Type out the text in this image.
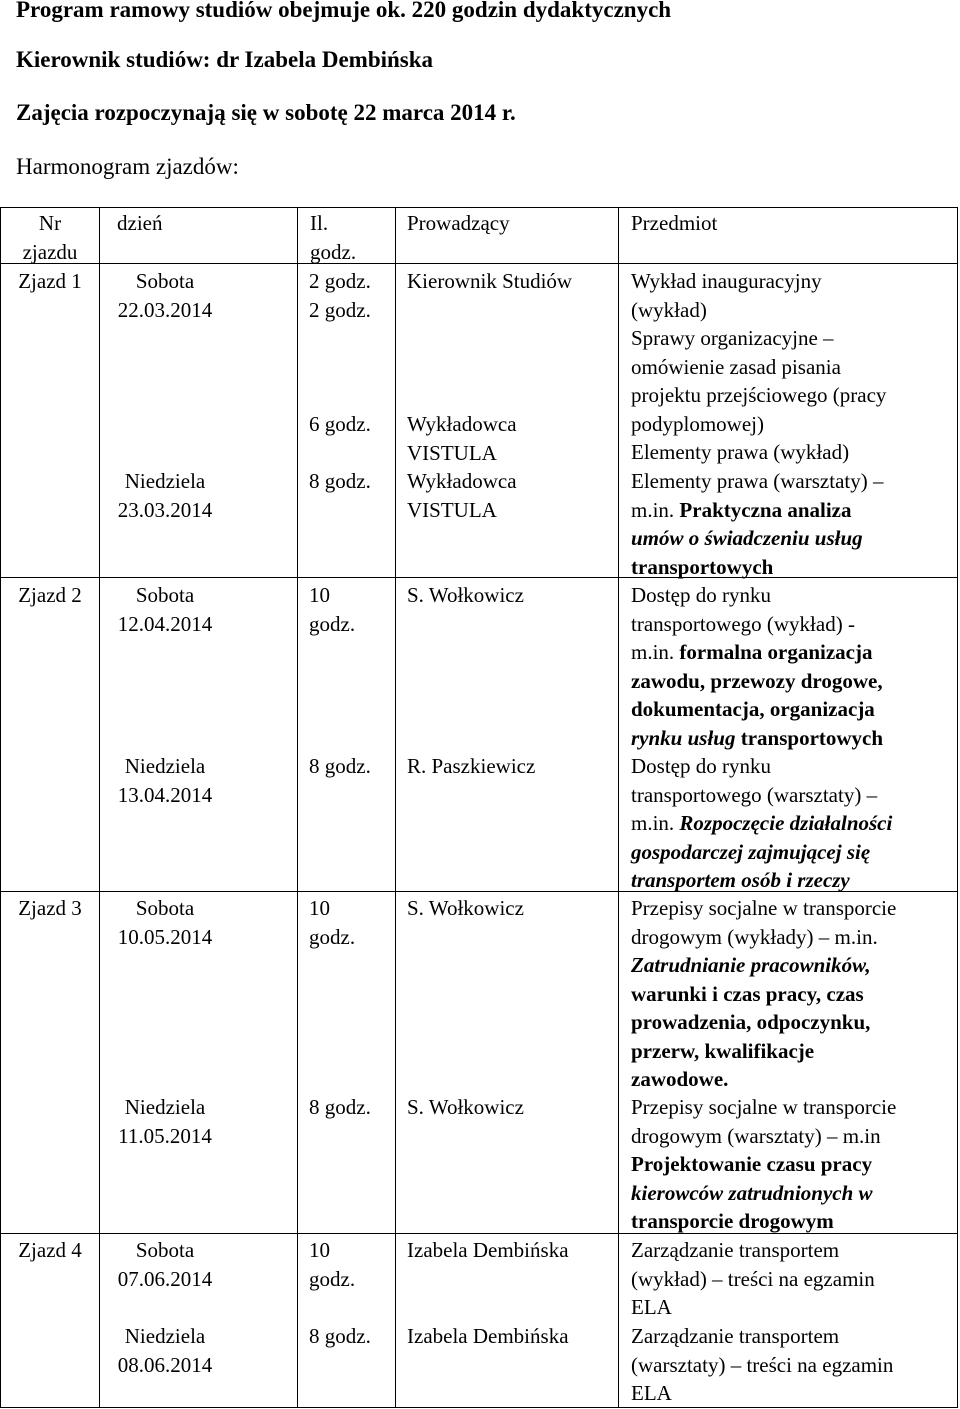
Program ramowy studiów obejmuje ok. 220 godzin dydaktycznych
Kierownik studiów: dr Izabela Dembińska
Zajęcia rozpoczynają się w sobotę 22 marca 2014 r.
Harmonogram zjazdów:
Nr
zjazdu
dzień	Il.
godz.
Prowadzący	Przedmiot
Zjazd 1
Zjazd 2
Zjazd 3
Zjazd 4
Sobota
22.03.2014
Niedziela
23.03.2014
Sobota
12.04.2014
Niedziela
13.04.2014
Sobota
10.05.2014
Niedziela
11.05.2014
Sobota
07.06.2014
Niedziela
08.06.2014
2 godz.
2 godz.
6 godz.
8 godz.
10
godz.
8 godz.
10
godz.
8 godz.
10
godz.
8 godz.
Kierownik Studiów
Wykładowca
VISTULA
Wykładowca
VISTULA
S. Wołkowicz
R. Paszkiewicz
S. Wołkowicz
S. Wołkowicz
Izabela Dembińska
Izabela Dembińska
Wykład inauguracyjny
(wykład)
Sprawy organizacyjne –
omówienie zasad pisania
projektu przejściowego (pracy
podyplomowej)
Elementy prawa (wykład)
Elementy prawa (warsztaty) –
m.in. Praktyczna analiza
umów o świadczeniu usług
transportowych
Dostęp do rynku
transportowego (wykład) -
m.in. formalna organizacja
zawodu, przewozy drogowe,
dokumentacja, organizacja
rynku usług transportowych
Dostęp do rynku
transportowego (warsztaty) –
m.in. Rozpoczęcie działalności
gospodarczej zajmującej się
transportem osób i rzeczy
Przepisy socjalne w transporcie
drogowym (wykłady) – m.in.
Zatrudnianie pracowników,
warunki i czas pracy, czas
prowadzenia, odpoczynku,
przerw, kwalifikacje
zawodowe.
Przepisy socjalne w transporcie
drogowym (warsztaty) – m.in
Projektowanie czasu pracy
kierowców zatrudnionych w
transporcie drogowym
Zarządzanie transportem
(wykład) – treści na egzamin
ELA
Zarządzanie transportem
(warsztaty) – treści na egzamin
ELA
